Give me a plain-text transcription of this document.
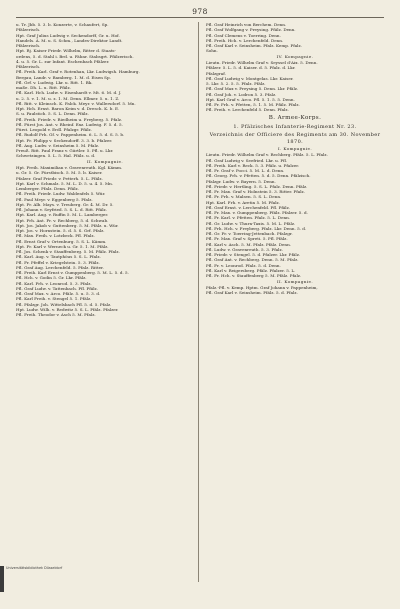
978
u. Tr. Jbb. 5. 3. b. Konzerte, v. Schaufert, Sp.
Pfälzerisch.
Hpt. Graf Julius Ludwig v. Seckendorff, Gr. u. Hof.
Handels. Ä. M. u. S. Schm., Landes-Direktor Landt.
Pfälzerisch.
Hpt. Rj. Kaiser Friedr. Wilhelm, Ritter d. Staats-
ordens, 5. d. Stahl i. Brd. u. Fähnr. Stabsgrt. Pfälzerisch.
4. u. 5. Gr. L. zur Infant. Eschenbach Pfälzer.
Pfälzerisch.
Pfl. Freih. Karl. Graf v. Rotenhan, Lkr. Ludwigsh. Hamburg.
Bergau, Landr. v. Bamberg. 1. M. d. Eisen Sp.
Pfl. Grf. v. Ludwig. Lkr. u. Ritt. 1. Bk.
maße. Dh. L. u. Ritt. Pfälz.
Pfl. Karl. Hch. Ludw. v. Eisenhardt v. Mt. 6. M. d. J.
u. 2. 5. v. 1. M. u. z. 1. M. Denn. Ellmer. 5. u. 1. Z.
Pfl. Ritt. v. Kleinsch. K. Falck. Meyr. v. Wallersdorf. 5. Mn.
Hpt. Hch. Ernst. Baron Keim v. d. Dresch. K. b. E.
S. u. Faulstich. 5. S. L. Denn. Pfälz.
Pfl. Freih. Friedr. v. Riedheim u. Freyberg. 5. Pfalz.
Pfl. Fürst Jos. Ant. v. Rheinf. Exz. Ludwig. F. 5. d. 5.
Fürst. Leopold v. Erdl. Pfalzgr. Pfälz.
Pfl. Rudolf Frh. Gf. v. Pappenheim. 6. L. 5. d. S. 5. b.
Hpt. Fr. Philipp v. Seckendorff. 3. 3. b. Pfalzer.
Pfl. Aug. Ludw. v. Seinsheim 5. M. Pfalz.
Preuß. Ritt. Paul Franz v. Gürtler. 5. Pfl. u. Lkr.
Schwetzingen. 5. L. 5. Hal. Pfälz. u. d.
II. Kompagnie.
Hpt. Freih. Maximilian v. Gravenreuth. Kgl. Kämm.
u. Gr. 5. Gr. Fürstbisch. 5. M. 5. b. Kaiser.
Pfalzer. Graf Friedr. v. Petterh. 5. L. Pfälz.
Hpt. Karl v. Schmalz. 5. M. L. D. 5. u. 4. 5. Mn.
Lemberger. Pfalz. Denn. Pfälz.
Pfl. Freih. Friedr. Ludw. Waldenfels 5. Wür.
Pfl. Paul Meyr. v. Eggenberg 5. Pfalz.
Hpt. Fr. Alb. Mays. v. Treuberg. Gr. 4. M. Dr. 5.
Pfl. Johann v. Seyfried. 5. S. L. d. Ritt. Pfälz.
Hpt. Karl. Aug. v. Ruffin 5. M. L. Lamberger.
Hpt. Frh. Ant. Fr. v. Rechberg, 5. d. Schwab.
Hpt. Jos. Jakob v. Guttenberg. 5. M. Pfälz. u. Wür.
Hpt. Jos. v. Hornstein. 5. d. 5. S. Grf. Pfalz.
Pfl. Max. Freih. v. Lotzbeck. Pfl. Pfalz.
Pfl. Ernst Graf v. Ortenburg. 5. S. L. Kämm.
Hpt. Fr. Karl v. Werneck u. Gr. 5. 1. M. Pfälz.
Pfl. Jos. Schenk v. Stauffenberg. 5. M. Pfälz. Pfalz.
Pfl. Karl. Aug. v. Tautphöus 5. S. L. Pfalz.
Pfl. Fr. Pfeffel v. Kriegelstein. 5. 3. Pfälz.
Pfl. Graf Aug. Lerchenfeld. 5. Pfalz. Ritter.
Pfl. Freih. Karl Ernst v. Gumppenberg. 5. M. L. 5. d. 5.
Pfl. Hch. v. Godin 5. Gr. Lkr. Pfälz.
Pfl. Karl. Frh. v. Leonrod. 5. 3. Pfalz.
Pfl. Graf Ludw. v. Tattenbach. Pfl. Pfälz.
Pfl. Graf Max. v. Arco. Pfälz. 5. u. 5. 3. d.
Pfl. Karl Freih. v. Stengel 5. 1. Pfälz.
Pfl. Pfalzgr. Joh. Wittelsbach Pfl. 5. d. 5. Pfalz.
Hpt. Ludw. Wilh. v. Redwitz 5. S. L. Pfälz. Pfalzer.
Pfl. Freih. Theodor v. Asch 5. M. Pfalz.
Pfl. Graf Heinrich von Berchem. Denn.
Pfl. Graf Wolfgang v. Preysing. Pfälz. Denn.
Pfl. Graf Clemens v. Toerring. Denn.
Pfl. Freih. Hch. v. Lerchenfeld. Denn.
Pfl. Graf Karl v. Seinsheim. Pfalz. Kemp. Pfalz.
Sohn.
IV. Kompagnie.
Lieutn. Friedr. Wilhelm Graf v. Seyssel d'Aix. 5. Denn.
Pfälzer. 5. L. 5. d. Kaiser. d. 5. Pfalz. d. Lkr.
Pfalzgraf.
Pfl. Graf Ludwig v. Montgelas. Lkr. Kaiser.
5. Lkr. 5. 2. 5. 5. Pfalz. Pfälz.
Pfl. Graf Max v. Preysing 5. Denn. Lkr. Pfälz.
Pfl. Graf Joh. v. Lodron 5. 3. Pfalz.
Hpt. Karl Graf v. Arco. Pfl. 5. 1. 5. 5. Denn.
Pfl. Fr. Frh. v. Pfetten, 5. 1. 5. M. Pfälz. Pfalz.
Pfl. Freih. v. Lerchenfeld 5. Denn. Pfalz.
B. Armee-Korps.
1. Pfälzisches Infanterie-Regiment Nr. 23.
Verzeichnis der Officiere des Regiments am 30. November 1870.
I. Kompagnie.
Lieutn. Friedr. Wilhelm Graf v. Rechberg. Pfälz. 5. L. Pfalz.
Pfl. Graf Ludwig v. Seefried. Lkr. u. Pfl.
Pfl. Freih. Karl v. Reck. 5. 3. Pfälz. u. Pfalzer.
Pfl. Fr. Graf v. Pocci. 5. M. L. d. Denn.
Pfl. Georg. Frh. v. Pfetten. 5. d. 5. Denn. Pfälzisch.
Pfalzgr. Ludw. v. Bayern. 5. Denn.
Pfl. Friedr. v. Hertling. 5. S. L. Pfalz. Denn. Pfälz.
Pfl. Fr. Max. Graf v. Holnstein 5. 3. Ritter. Pfalz.
Pfl. Fr. Frh. v. Malsen. 5. S. L. Denn.
Hpt. Karl. Frh. v. Aretin 5. M. Pfalz.
Pfl. Graf Ernst. v. Lerchenfeld. Pfl. Pfälz.
Pfl. Fr. Max. v. Gumppenberg. Pfälz. Pfalzer. 5. d.
Pfl. Fr. Karl. v. Pfetten. Pfalz. 5. L. Denn.
Pfl. Gr. Ludw. v. Thurn-Taxis. 5. M. L. Pfälz.
Pfl. Frh. Hch. v. Freyberg. Pfalz. Lkr. Denn. 5. d.
Pfl. Gr. Fr. v. Toerring-Jettenbach. Pfalzgr.
Pfl. Fr. Max. Graf v. Spreti. 5. Pfl. Pfälz.
Pfl. Karl v. Asch. 5. M. Pfalz. Pfälz. Denn.
Pfl. Ludw. v. Gravenreuth. 5. 3. Pfalz.
Pfl. Friedr. v. Stengel. 5. d. Pfalzer. Lkr. Pfälz.
Pfl. Graf Ant. v. Rechberg. Denn. 5. M. Pfalz.
Pfl. Fr. v. Leonrod. Pfalz. 5. d. Denn.
Pfl. Karl v. Reigersberg. Pfälz. Pfalzer. 5. L.
Pfl. Fr. Hch. v. Stauffenberg 5. M. Pfälz. Pfalz.
II. Kompagnie.
Pfalz.-Pfl. v. Kemp. Hptm. Graf Johann v. Pappenheim,
Pfl. Graf Karl v. Seinsheim. Pfälz. 5. d. Pfalz.
Universitätsbibliothek Düsseldorf
